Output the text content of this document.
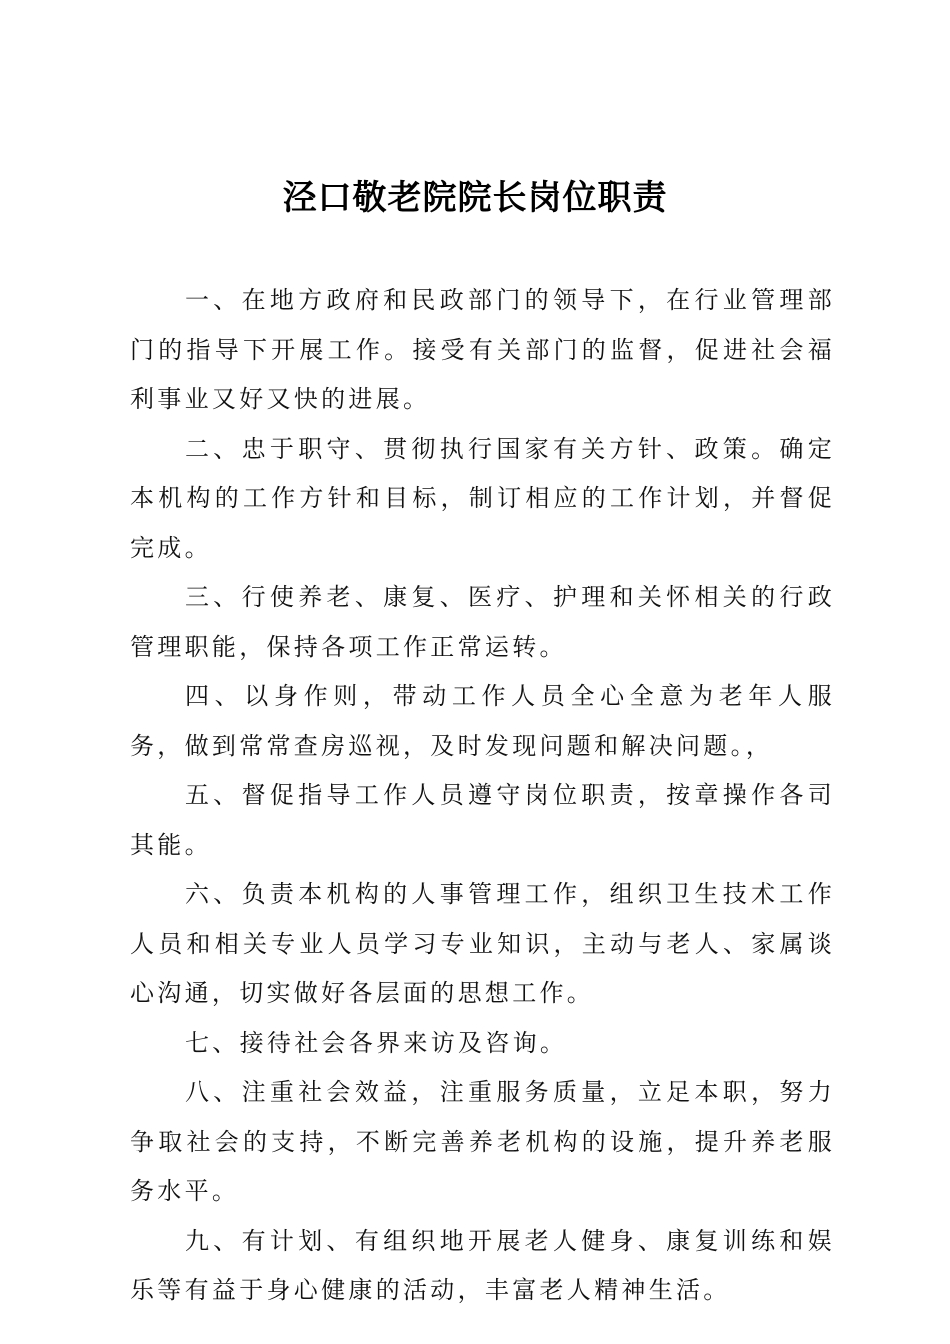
泾口敬老院院长岗位职责

一、在地方政府和民政部门的领导下，在行业管理部门的指导下开展工作。接受有关部门的监督，促进社会福利事业又好又快的进展。

二、忠于职守、贯彻执行国家有关方针、政策。确定本机构的工作方针和目标，制订相应的工作计划，并督促完成。

三、行使养老、康复、医疗、护理和关怀相关的行政管理职能，保持各项工作正常运转。

四、以身作则，带动工作人员全心全意为老年人服务，做到常常查房巡视，及时发现问题和解决问题。，

五、督促指导工作人员遵守岗位职责，按章操作各司其能。

六、负责本机构的人事管理工作，组织卫生技术工作人员和相关专业人员学习专业知识，主动与老人、家属谈心沟通，切实做好各层面的思想工作。

七、接待社会各界来访及咨询。

八、注重社会效益，注重服务质量，立足本职，努力争取社会的支持，不断完善养老机构的设施，提升养老服务水平。

九、有计划、有组织地开展老人健身、康复训练和娱乐等有益于身心健康的活动，丰富老人精神生活。
